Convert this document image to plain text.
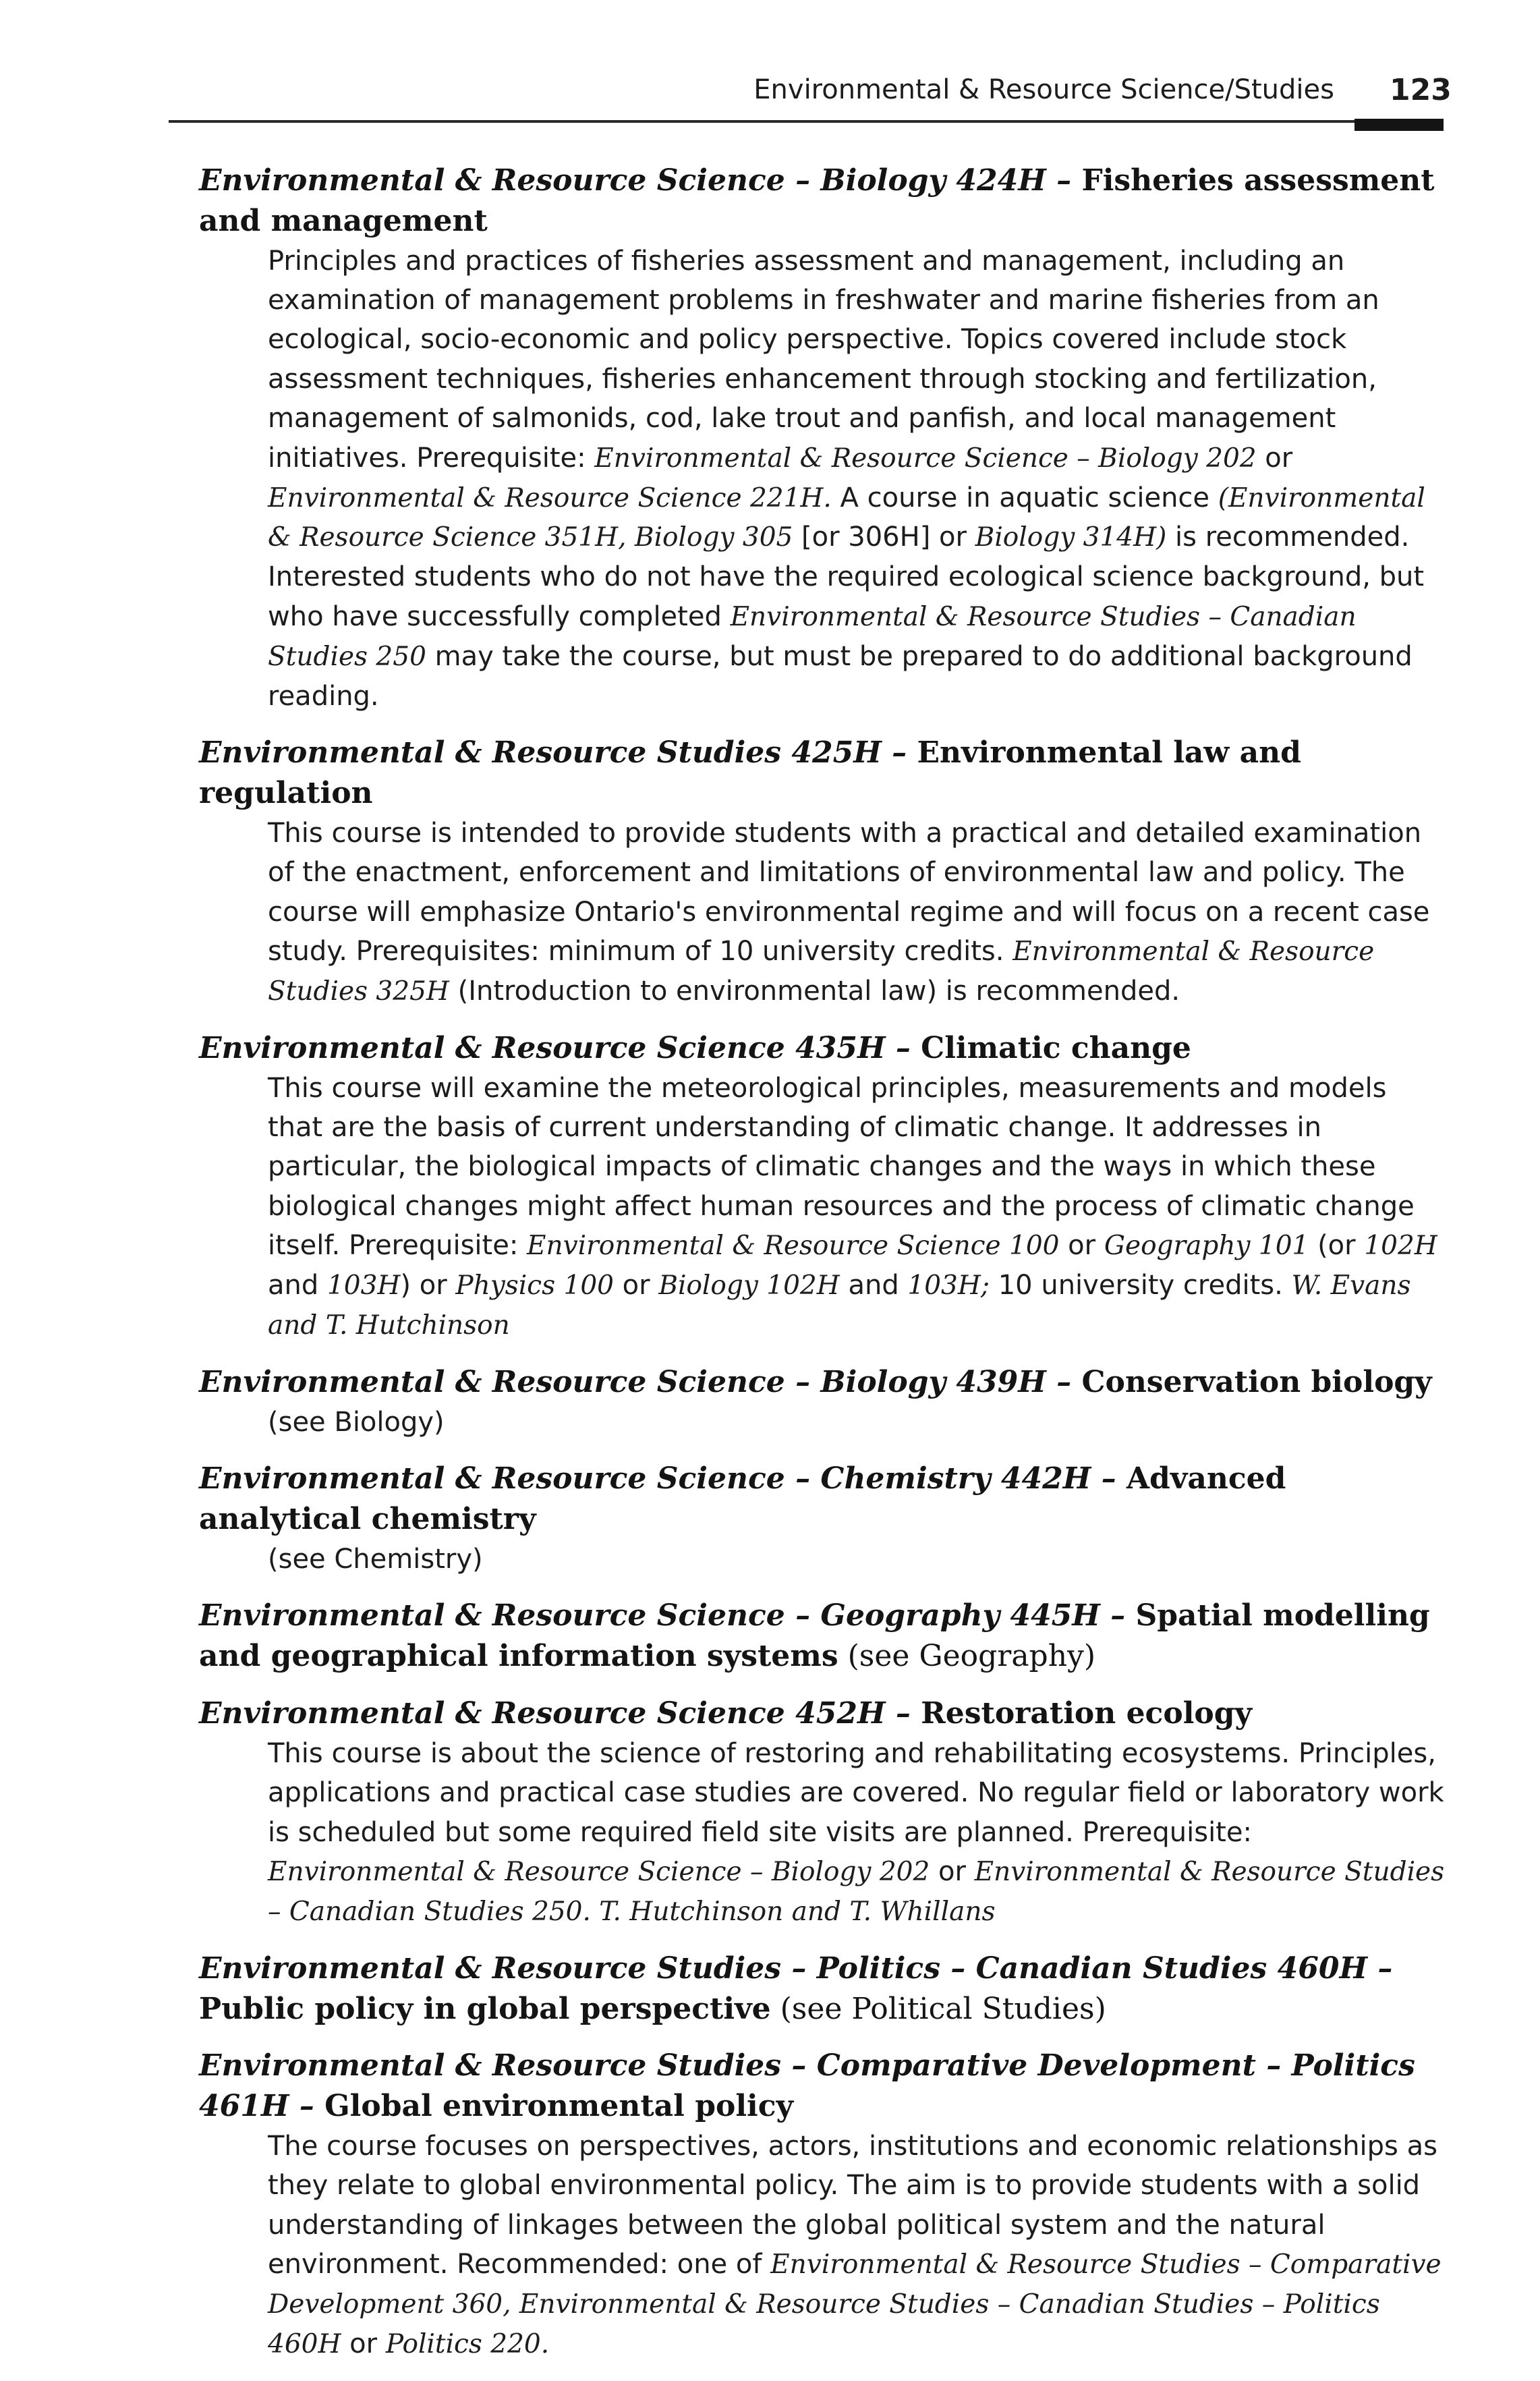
Environmental & Resource Science/Studies 123

Environmental & Resource Science – Biology 424H – Fisheries assessment and management

Principles and practices of fisheries assessment and management, including an examination of management problems in freshwater and marine fisheries from an ecological, socio-economic and policy perspective. Topics covered include stock assessment techniques, fisheries enhancement through stocking and fertilization, management of salmonids, cod, lake trout and panfish, and local management initiatives. Prerequisite: Environmental & Resource Science – Biology 202 or Environmental & Resource Science 221H. A course in aquatic science (Environmental & Resource Science 351H, Biology 305 [or 306H] or Biology 314H) is recommended. Interested students who do not have the required ecological science background, but who have successfully completed Environmental & Resource Studies – Canadian Studies 250 may take the course, but must be prepared to do additional background reading.

Environmental & Resource Studies 425H – Environmental law and regulation

This course is intended to provide students with a practical and detailed examination of the enactment, enforcement and limitations of environmental law and policy. The course will emphasize Ontario's environmental regime and will focus on a recent case study. Prerequisites: minimum of 10 university credits. Environmental & Resource Studies 325H (Introduction to environmental law) is recommended.

Environmental & Resource Science 435H – Climatic change

This course will examine the meteorological principles, measurements and models that are the basis of current understanding of climatic change. It addresses in particular, the biological impacts of climatic changes and the ways in which these biological changes might affect human resources and the process of climatic change itself. Prerequisite: Environmental & Resource Science 100 or Geography 101 (or 102H and 103H) or Physics 100 or Biology 102H and 103H; 10 university credits. W. Evans and T. Hutchinson

Environmental & Resource Science – Biology 439H – Conservation biology

(see Biology)

Environmental & Resource Science – Chemistry 442H – Advanced analytical chemistry

(see Chemistry)

Environmental & Resource Science – Geography 445H – Spatial modelling and geographical information systems (see Geography)

Environmental & Resource Science 452H – Restoration ecology

This course is about the science of restoring and rehabilitating ecosystems. Principles, applications and practical case studies are covered. No regular field or laboratory work is scheduled but some required field site visits are planned. Prerequisite: Environmental & Resource Science – Biology 202 or Environmental & Resource Studies – Canadian Studies 250. T. Hutchinson and T. Whillans

Environmental & Resource Studies – Politics – Canadian Studies 460H – Public policy in global perspective (see Political Studies)

Environmental & Resource Studies – Comparative Development – Politics 461H – Global environmental policy

The course focuses on perspectives, actors, institutions and economic relationships as they relate to global environmental policy. The aim is to provide students with a solid understanding of linkages between the global political system and the natural environment. Recommended: one of Environmental & Resource Studies – Comparative Development 360, Environmental & Resource Studies – Canadian Studies – Politics 460H or Politics 220.
